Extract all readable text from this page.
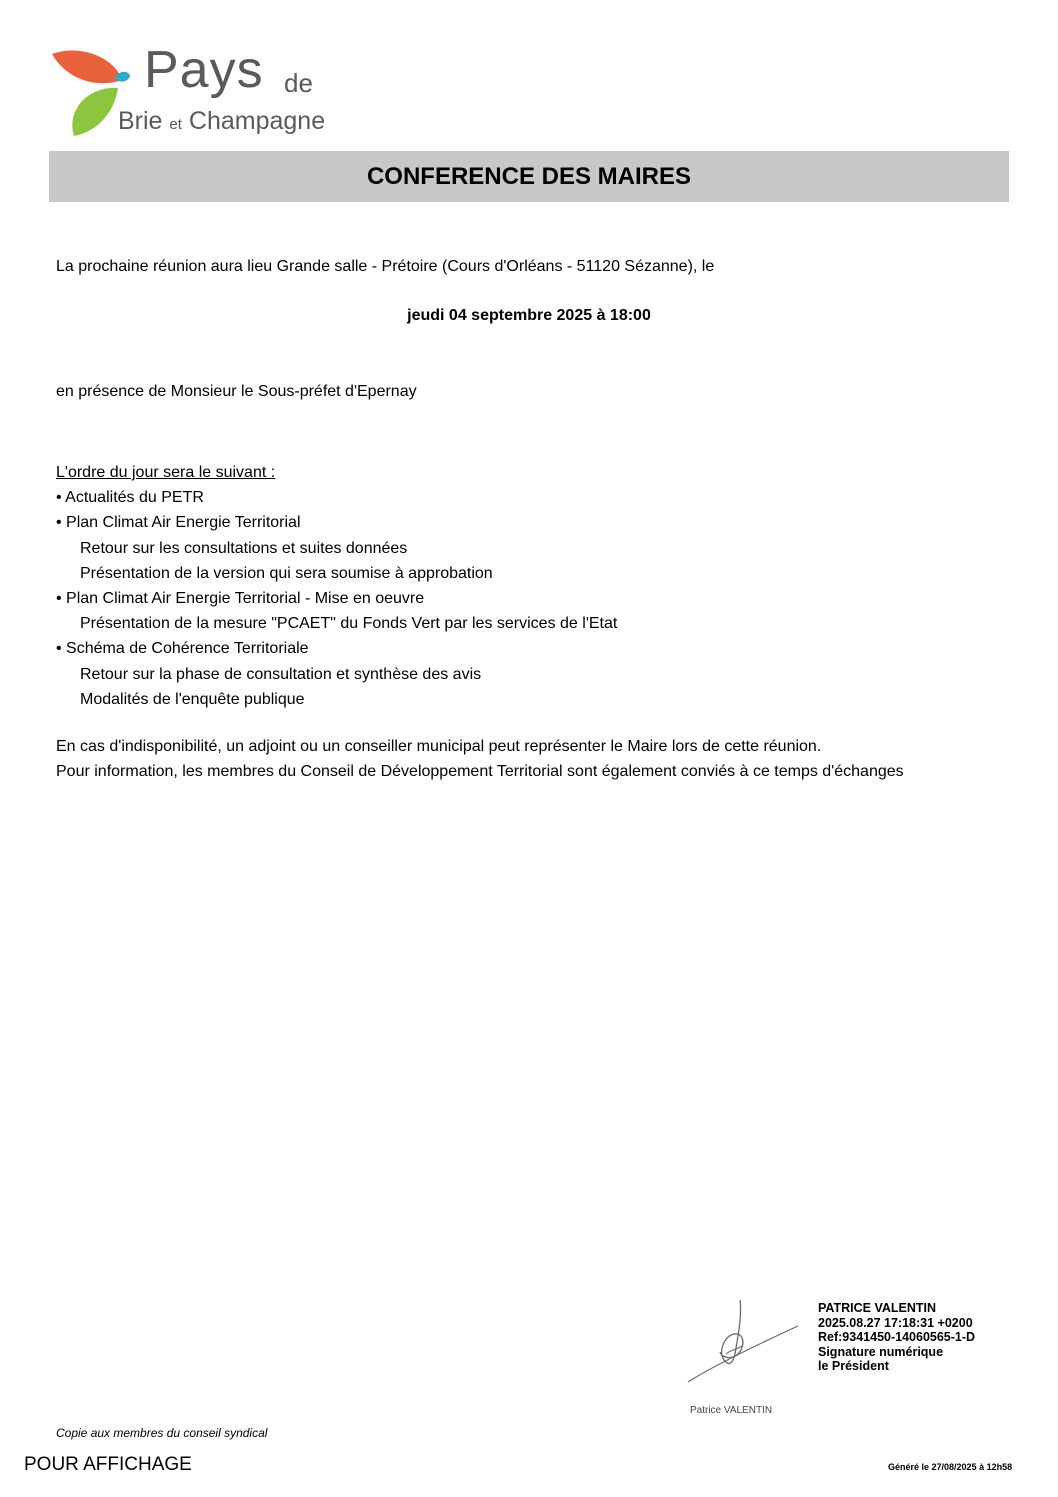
Pays de
Brie et Champagne
CONFERENCE DES MAIRES
La prochaine réunion aura lieu Grande salle - Prétoire (Cours d'Orléans - 51120 Sézanne), le
jeudi 04 septembre 2025 à 18:00
en présence de Monsieur le Sous-préfet d'Epernay
L'ordre du jour sera le suivant :
• Actualités du PETR
• Plan Climat Air Energie Territorial
Retour sur les consultations et suites données
Présentation de la version qui sera soumise à approbation
• Plan Climat Air Energie Territorial - Mise en oeuvre
Présentation de la mesure "PCAET" du Fonds Vert par les services de l'Etat
• Schéma de Cohérence Territoriale
Retour sur la phase de consultation et synthèse des avis
Modalités de l'enquête publique
En cas d'indisponibilité, un adjoint ou un conseiller municipal peut représenter le Maire lors de cette réunion.
Pour information, les membres du Conseil de Développement Territorial sont également conviés à ce temps d'échanges
PATRICE VALENTIN
2025.08.27 17:18:31 +0200
Ref:9341450-14060565-1-D
Signature numérique
le Président
Patrice VALENTIN
Copie aux membres du conseil syndical
POUR AFFICHAGE	Généré le 27/08/2025 à 12h58
